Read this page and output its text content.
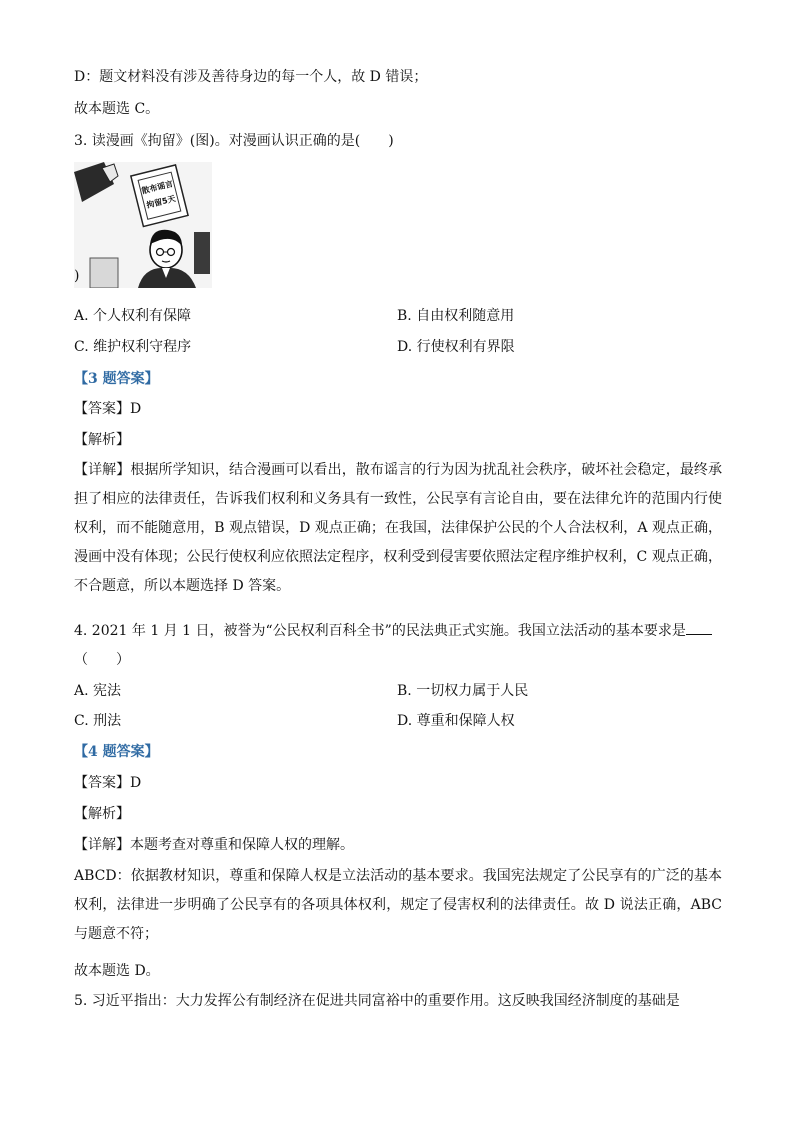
D：题文材料没有涉及善待身边的每一个人，故 D 错误；
故本题选 C。
3. 读漫画《拘留》(图)。对漫画认识正确的是(　　)
散布谣言
拘留5天
)
A. 个人权利有保障	B. 自由权利随意用
C. 维护权利守程序	D. 行使权利有界限
【3 题答案】
【答案】D
【解析】
【详解】根据所学知识，结合漫画可以看出，散布谣言的行为因为扰乱社会秩序，破坏社会稳定，最终承担了相应的法律责任，告诉我们权利和义务具有一致性，公民享有言论自由，要在法律允许的范围内行使权利，而不能随意用，B 观点错误，D 观点正确；在我国，法律保护公民的个人合法权利，A 观点正确，漫画中没有体现；公民行使权利应依照法定程序，权利受到侵害要依照法定程序维护权利，C 观点正确，不合题意，所以本题选择 D 答案。
4. 2021 年 1 月 1 日，被誉为“公民权利百科全书”的民法典正式实施。我国立法活动的基本要求是
（　　）
A. 宪法	B. 一切权力属于人民
C. 刑法	D. 尊重和保障人权
【4 题答案】
【答案】D
【解析】
【详解】本题考查对尊重和保障人权的理解。
ABCD：依据教材知识，尊重和保障人权是立法活动的基本要求。我国宪法规定了公民享有的广泛的基本权利，法律进一步明确了公民享有的各项具体权利，规定了侵害权利的法律责任。故 D 说法正确，ABC 与题意不符；
故本题选 D。
5. 习近平指出：大力发挥公有制经济在促进共同富裕中的重要作用。这反映我国经济制度的基础是
